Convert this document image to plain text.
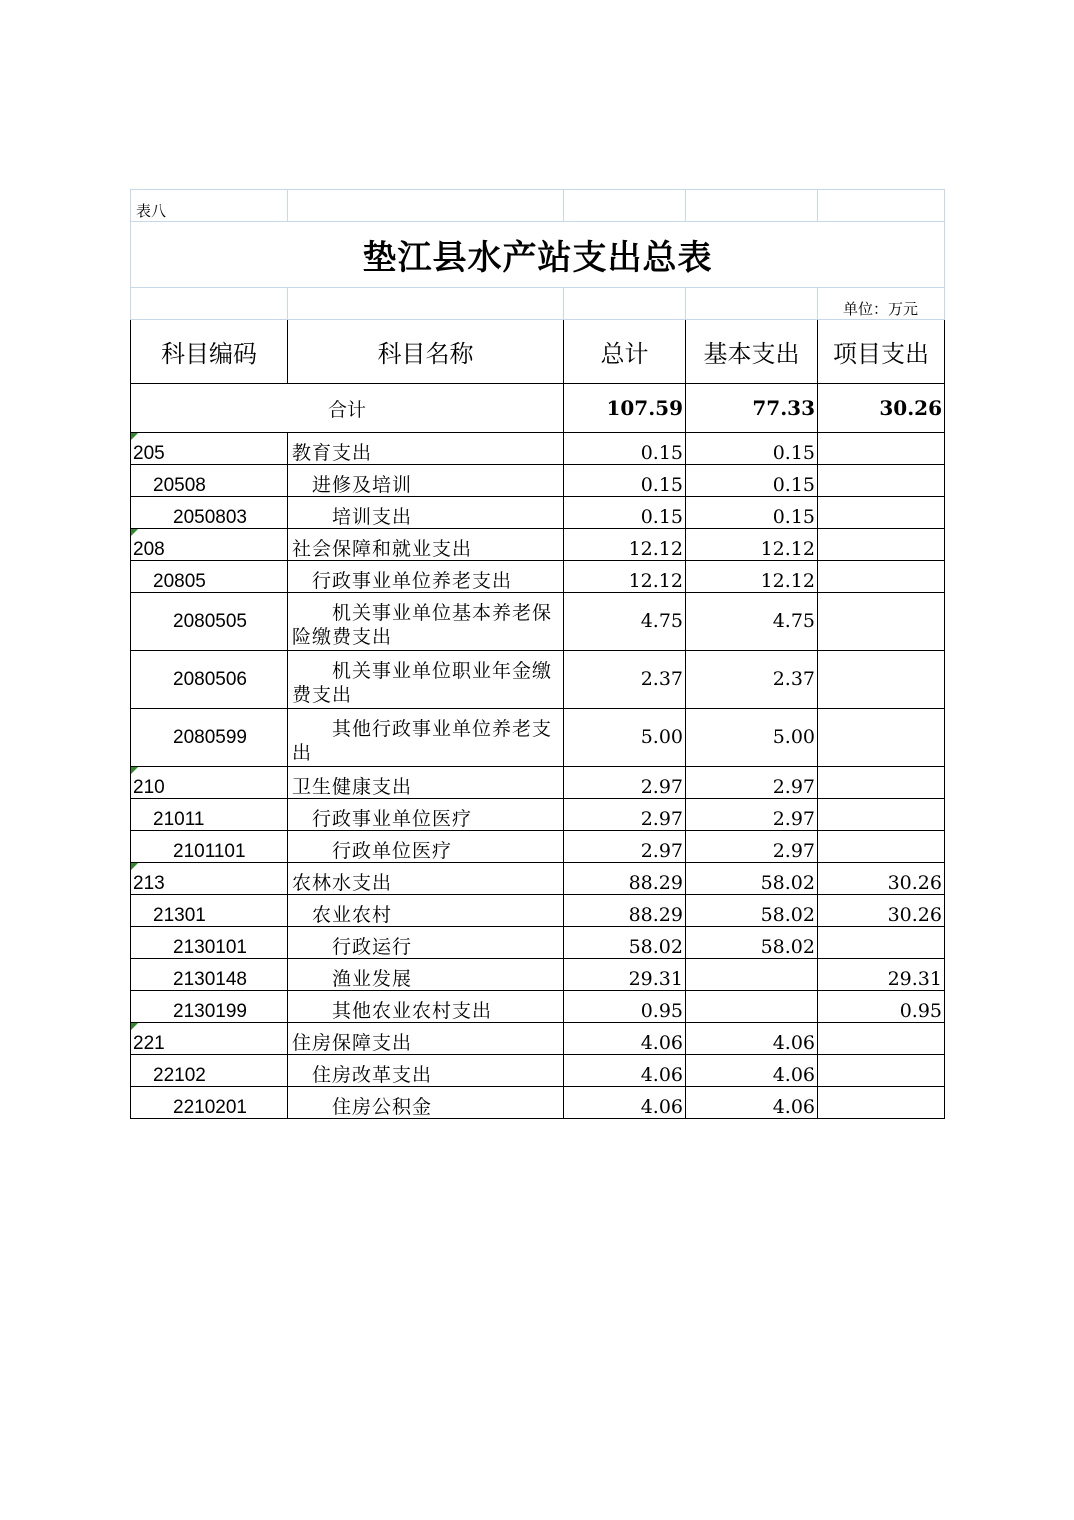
表八				
垫江县水产站支出总表				
				单位：万元
科目编码	科目名称	总计	基本支出	项目支出
合计		107.59	77.33	30.26

205	教育支出	0.15	0.15	
20508	进修及培训	0.15	0.15	
2050803	培训支出	0.15	0.15	

208	社会保障和就业支出	12.12	12.12	
20805	行政事业单位养老支出	12.12	12.12	
2080505	机关事业单位基本养老保险缴费支出	4.75	4.75	
2080506	机关事业单位职业年金缴费支出	2.37	2.37	
2080599	其他行政事业单位养老支出	5.00	5.00	

210	卫生健康支出	2.97	2.97	
21011	行政事业单位医疗	2.97	2.97	
2101101	行政单位医疗	2.97	2.97	

213	农林水支出	88.29	58.02	30.26
21301	农业农村	88.29	58.02	30.26
2130101	行政运行	58.02	58.02	
2130148	渔业发展	29.31		29.31
2130199	其他农业农村支出	0.95		0.95

221	住房保障支出	4.06	4.06	
22102	住房改革支出	4.06	4.06	
2210201	住房公积金	4.06	4.06	
